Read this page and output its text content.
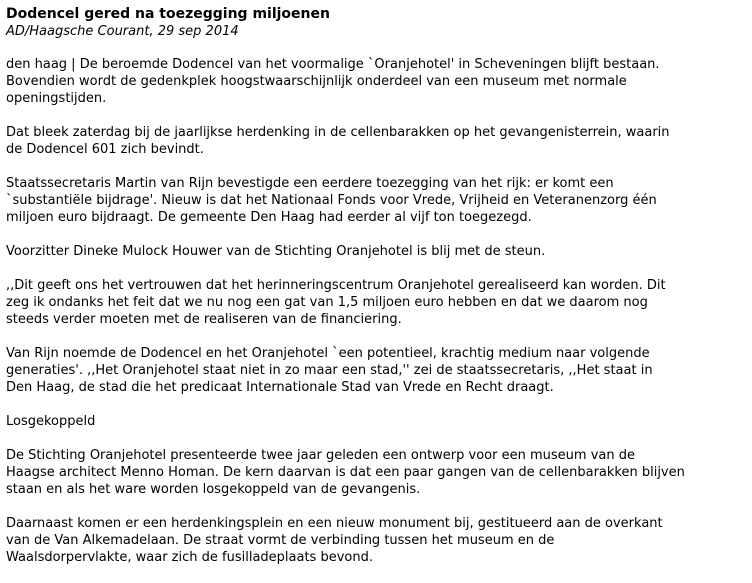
Dodencel gered na toezegging miljoenen
AD/Haagsche Courant, 29 sep 2014

den haag | De beroemde Dodencel van het voormalige `Oranjehotel' in Scheveningen blijft bestaan.
Bovendien wordt de gedenkplek hoogstwaarschijnlijk onderdeel van een museum met normale
openingstijden.

Dat bleek zaterdag bij de jaarlijkse herdenking in de cellenbarakken op het gevangenisterrein, waarin
de Dodencel 601 zich bevindt.

Staatssecretaris Martin van Rijn bevestigde een eerdere toezegging van het rijk: er komt een
`substantiële bijdrage'. Nieuw is dat het Nationaal Fonds voor Vrede, Vrijheid en Veteranenzorg één
miljoen euro bijdraagt. De gemeente Den Haag had eerder al vijf ton toegezegd.

Voorzitter Dineke Mulock Houwer van de Stichting Oranjehotel is blij met de steun.

,,Dit geeft ons het vertrouwen dat het herinneringscentrum Oranjehotel gerealiseerd kan worden. Dit
zeg ik ondanks het feit dat we nu nog een gat van 1,5 miljoen euro hebben en dat we daarom nog
steeds verder moeten met de realiseren van de financiering.

Van Rijn noemde de Dodencel en het Oranjehotel `een potentieel, krachtig medium naar volgende
generaties'. ,,Het Oranjehotel staat niet in zo maar een stad,'' zei de staatssecretaris, ,,Het staat in
Den Haag, de stad die het predicaat Internationale Stad van Vrede en Recht draagt.

Losgekoppeld

De Stichting Oranjehotel presenteerde twee jaar geleden een ontwerp voor een museum van de
Haagse architect Menno Homan. De kern daarvan is dat een paar gangen van de cellenbarakken blijven
staan en als het ware worden losgekoppeld van de gevangenis.

Daarnaast komen er een herdenkingsplein en een nieuw monument bij, gestitueerd aan de overkant
van de Van Alkemadelaan. De straat vormt de verbinding tussen het museum en de
Waalsdorpervlakte, waar zich de fusilladeplaats bevond.
